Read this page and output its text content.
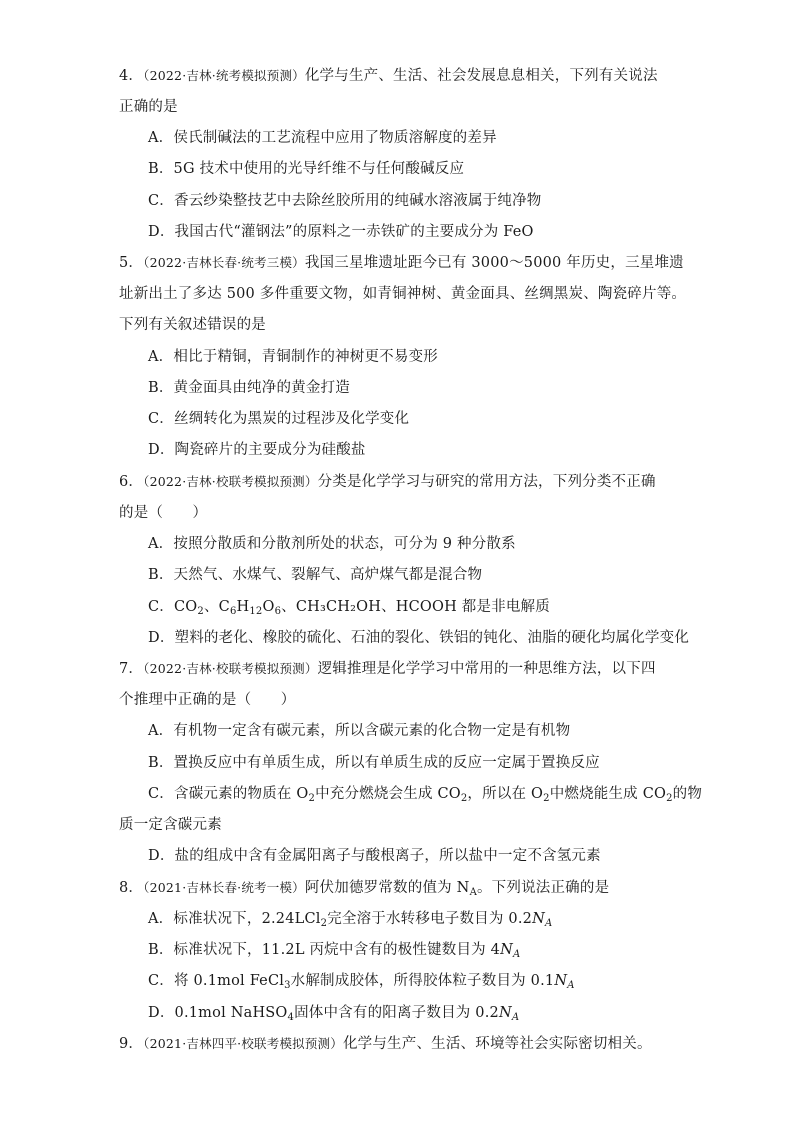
4．（2022·吉林·统考模拟预测）化学与生产、生活、社会发展息息相关，下列有关说法
正确的是
A．侯氏制碱法的工艺流程中应用了物质溶解度的差异
B．5G 技术中使用的光导纤维不与任何酸碱反应
C．香云纱染整技艺中去除丝胶所用的纯碱水溶液属于纯净物
D．我国古代“灌钢法”的原料之一赤铁矿的主要成分为 FeO
5．（2022·吉林长春·统考三模）我国三星堆遗址距今已有 3000～5000 年历史，三星堆遗
址新出土了多达 500 多件重要文物，如青铜神树、黄金面具、丝绸黑炭、陶瓷碎片等。
下列有关叙述错误的是
A．相比于精铜，青铜制作的神树更不易变形
B．黄金面具由纯净的黄金打造
C．丝绸转化为黑炭的过程涉及化学变化
D．陶瓷碎片的主要成分为硅酸盐
6．（2022·吉林·校联考模拟预测）分类是化学学习与研究的常用方法，下列分类不正确
的是（　　）
A．按照分散质和分散剂所处的状态，可分为 9 种分散系
B．天然气、水煤气、裂解气、高炉煤气都是混合物
C．$CO_2$、$C_6H_{12}O_6$、CH₃CH₂OH、HCOOH 都是非电解质
D．塑料的老化、橡胶的硫化、石油的裂化、铁铝的钝化、油脂的硬化均属化学变化
7．（2022·吉林·校联考模拟预测）逻辑推理是化学学习中常用的一种思维方法，以下四
个推理中正确的是（　　）
A．有机物一定含有碳元素，所以含碳元素的化合物一定是有机物
B．置换反应中有单质生成，所以有单质生成的反应一定属于置换反应
C．含碳元素的物质在 $O_2$中充分燃烧会生成 $CO_2$，所以在 $O_2$中燃烧能生成 $CO_2$的物
质一定含碳元素
D．盐的组成中含有金属阳离子与酸根离子，所以盐中一定不含氢元素
8．（2021·吉林长春·统考一模）阿伏加德罗常数的值为 $N_A$。下列说法正确的是
A．标准状况下，2.24LCl$_2$完全溶于水转移电子数目为 $0.2N_A$
B．标准状况下，11.2L 丙烷中含有的极性键数目为 $4N_A$
C．将 0.1mol FeCl$_3$水解制成胶体，所得胶体粒子数目为 $0.1N_A$
D．0.1mol NaHSO$_4$固体中含有的阳离子数目为 $0.2N_A$
9．（2021·吉林四平·校联考模拟预测）化学与生产、生活、环境等社会实际密切相关。
